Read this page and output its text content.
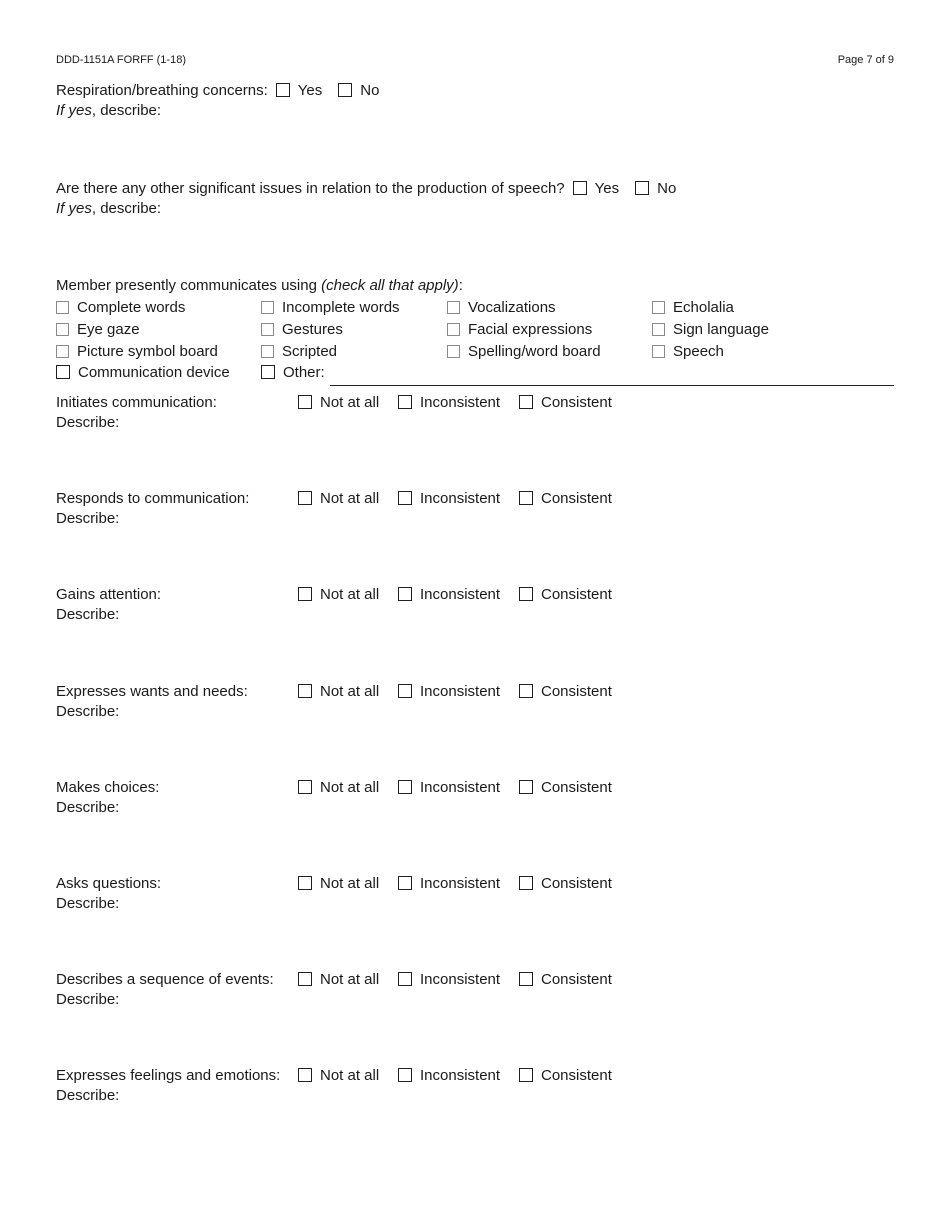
DDD-1151A FORFF (1-18)	Page 7 of 9
Respiration/breathing concerns: Yes	No
If yes, describe:
Are there any other significant issues in relation to the production of speech? Yes	No
If yes, describe:
Member presently communicates using (check all that apply):
Complete words	Incomplete words	Vocalizations	Echolalia
Eye gaze	Gestures	Facial expressions	Sign language
Picture symbol board	Scripted	Spelling/word board	Speech
Communication device	Other:
Initiates communication:	Not at all	Inconsistent	Consistent
Describe:
Responds to communication:	Not at all	Inconsistent	Consistent
Describe:
Gains attention:	Not at all	Inconsistent	Consistent
Describe:
Expresses wants and needs:	Not at all	Inconsistent	Consistent
Describe:
Makes choices:	Not at all	Inconsistent	Consistent
Describe:
Asks questions:	Not at all	Inconsistent	Consistent
Describe:
Describes a sequence of events:	Not at all	Inconsistent	Consistent
Describe:
Expresses feelings and emotions:	Not at all	Inconsistent	Consistent
Describe:
